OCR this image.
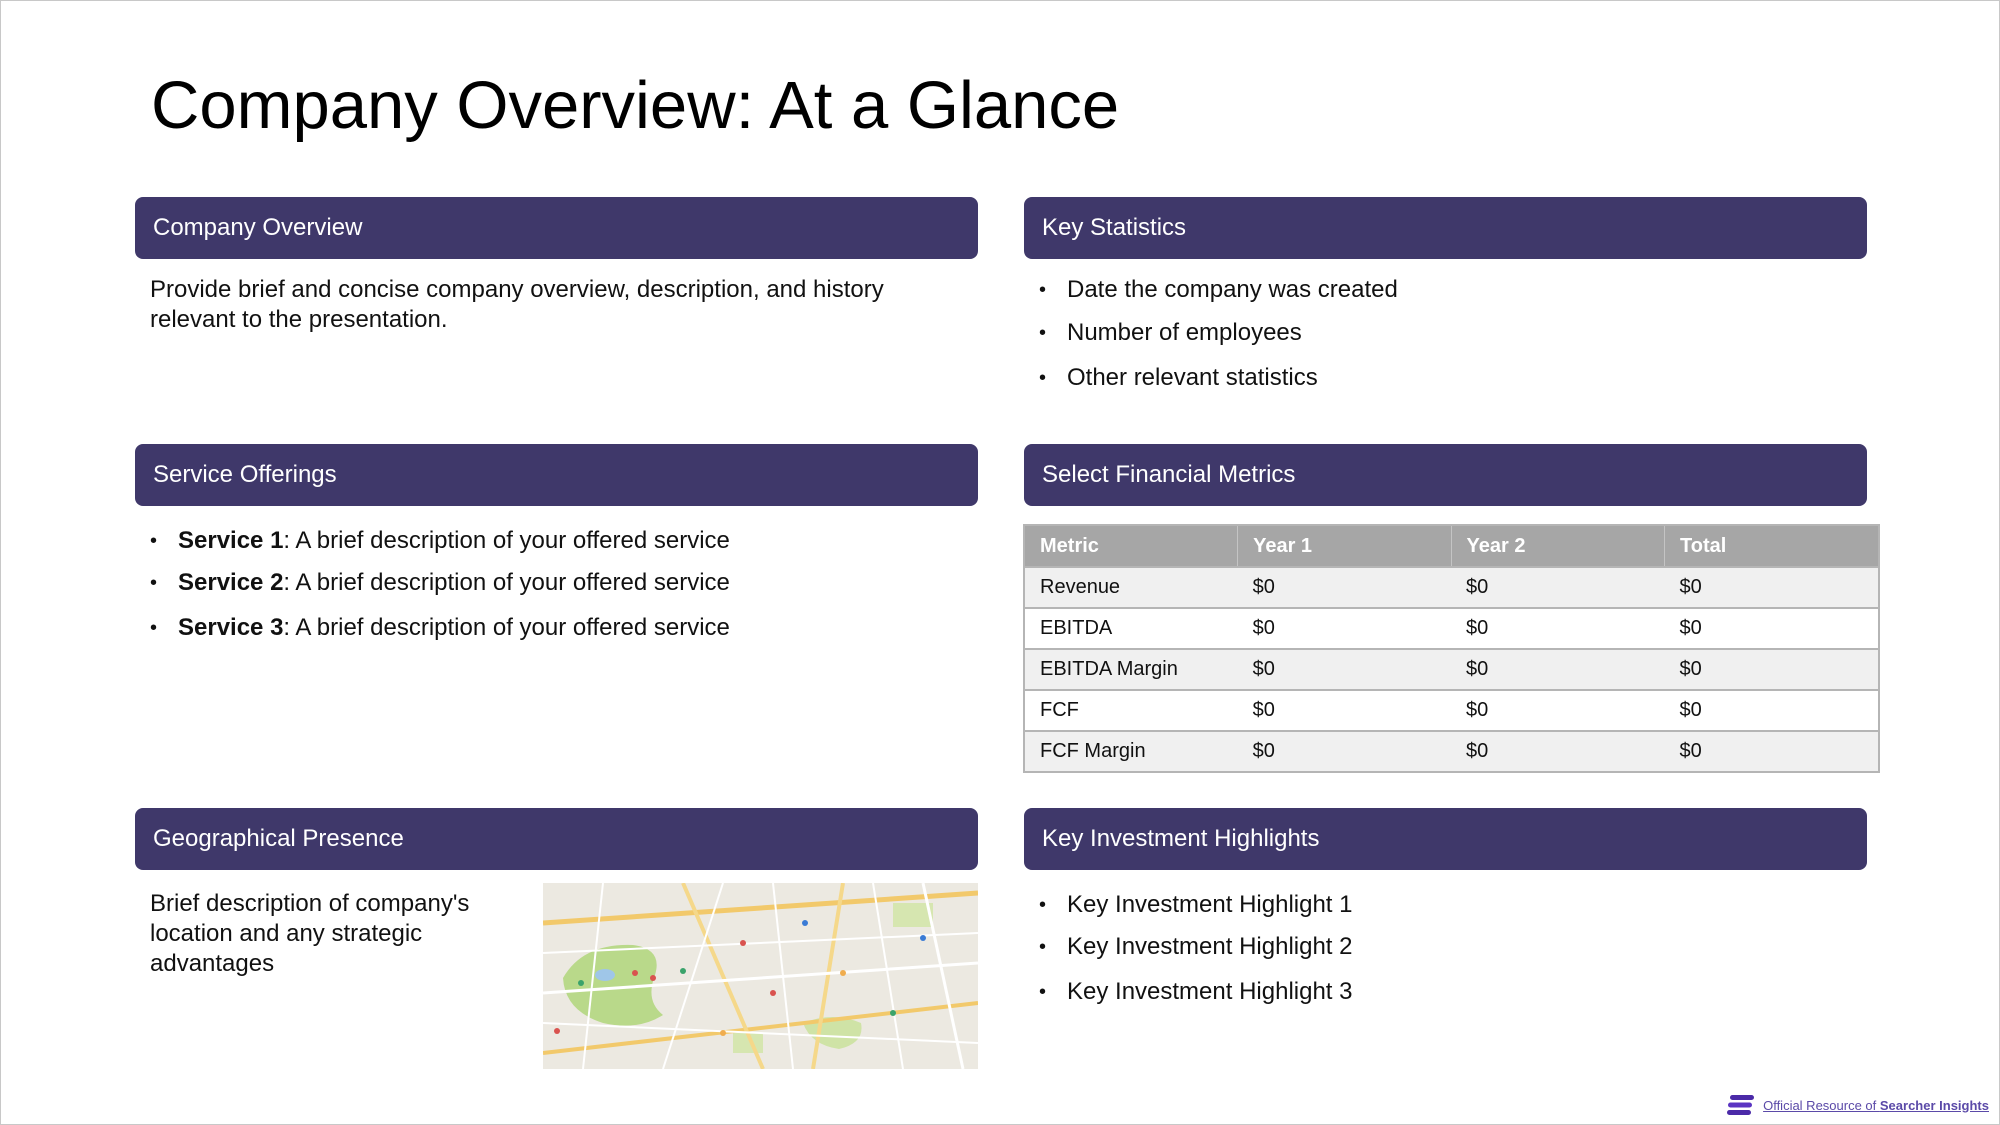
Company Overview: At a Glance
Company Overview

Provide brief and concise company overview, description, and history relevant to the presentation.

Key Statistics
• Date the company was created
• Number of employees
• Other relevant statistics
Service Offerings
• Service 1: A brief description of your offered service
• Service 2: A brief description of your offered service
• Service 3: A brief description of your offered service
Select Financial Metrics
Metric	Year 1	Year 2	Total
Revenue	$0	$0	$0
EBITDA	$0	$0	$0
EBITDA Margin	$0	$0	$0
FCF	$0	$0	$0
FCF Margin	$0	$0	$0
Geographical Presence

Brief description of company's location and any strategic advantages

Key Investment Highlights
• Key Investment Highlight 1
• Key Investment Highlight 2
• Key Investment Highlight 3
Official Resource of Searcher Insights
